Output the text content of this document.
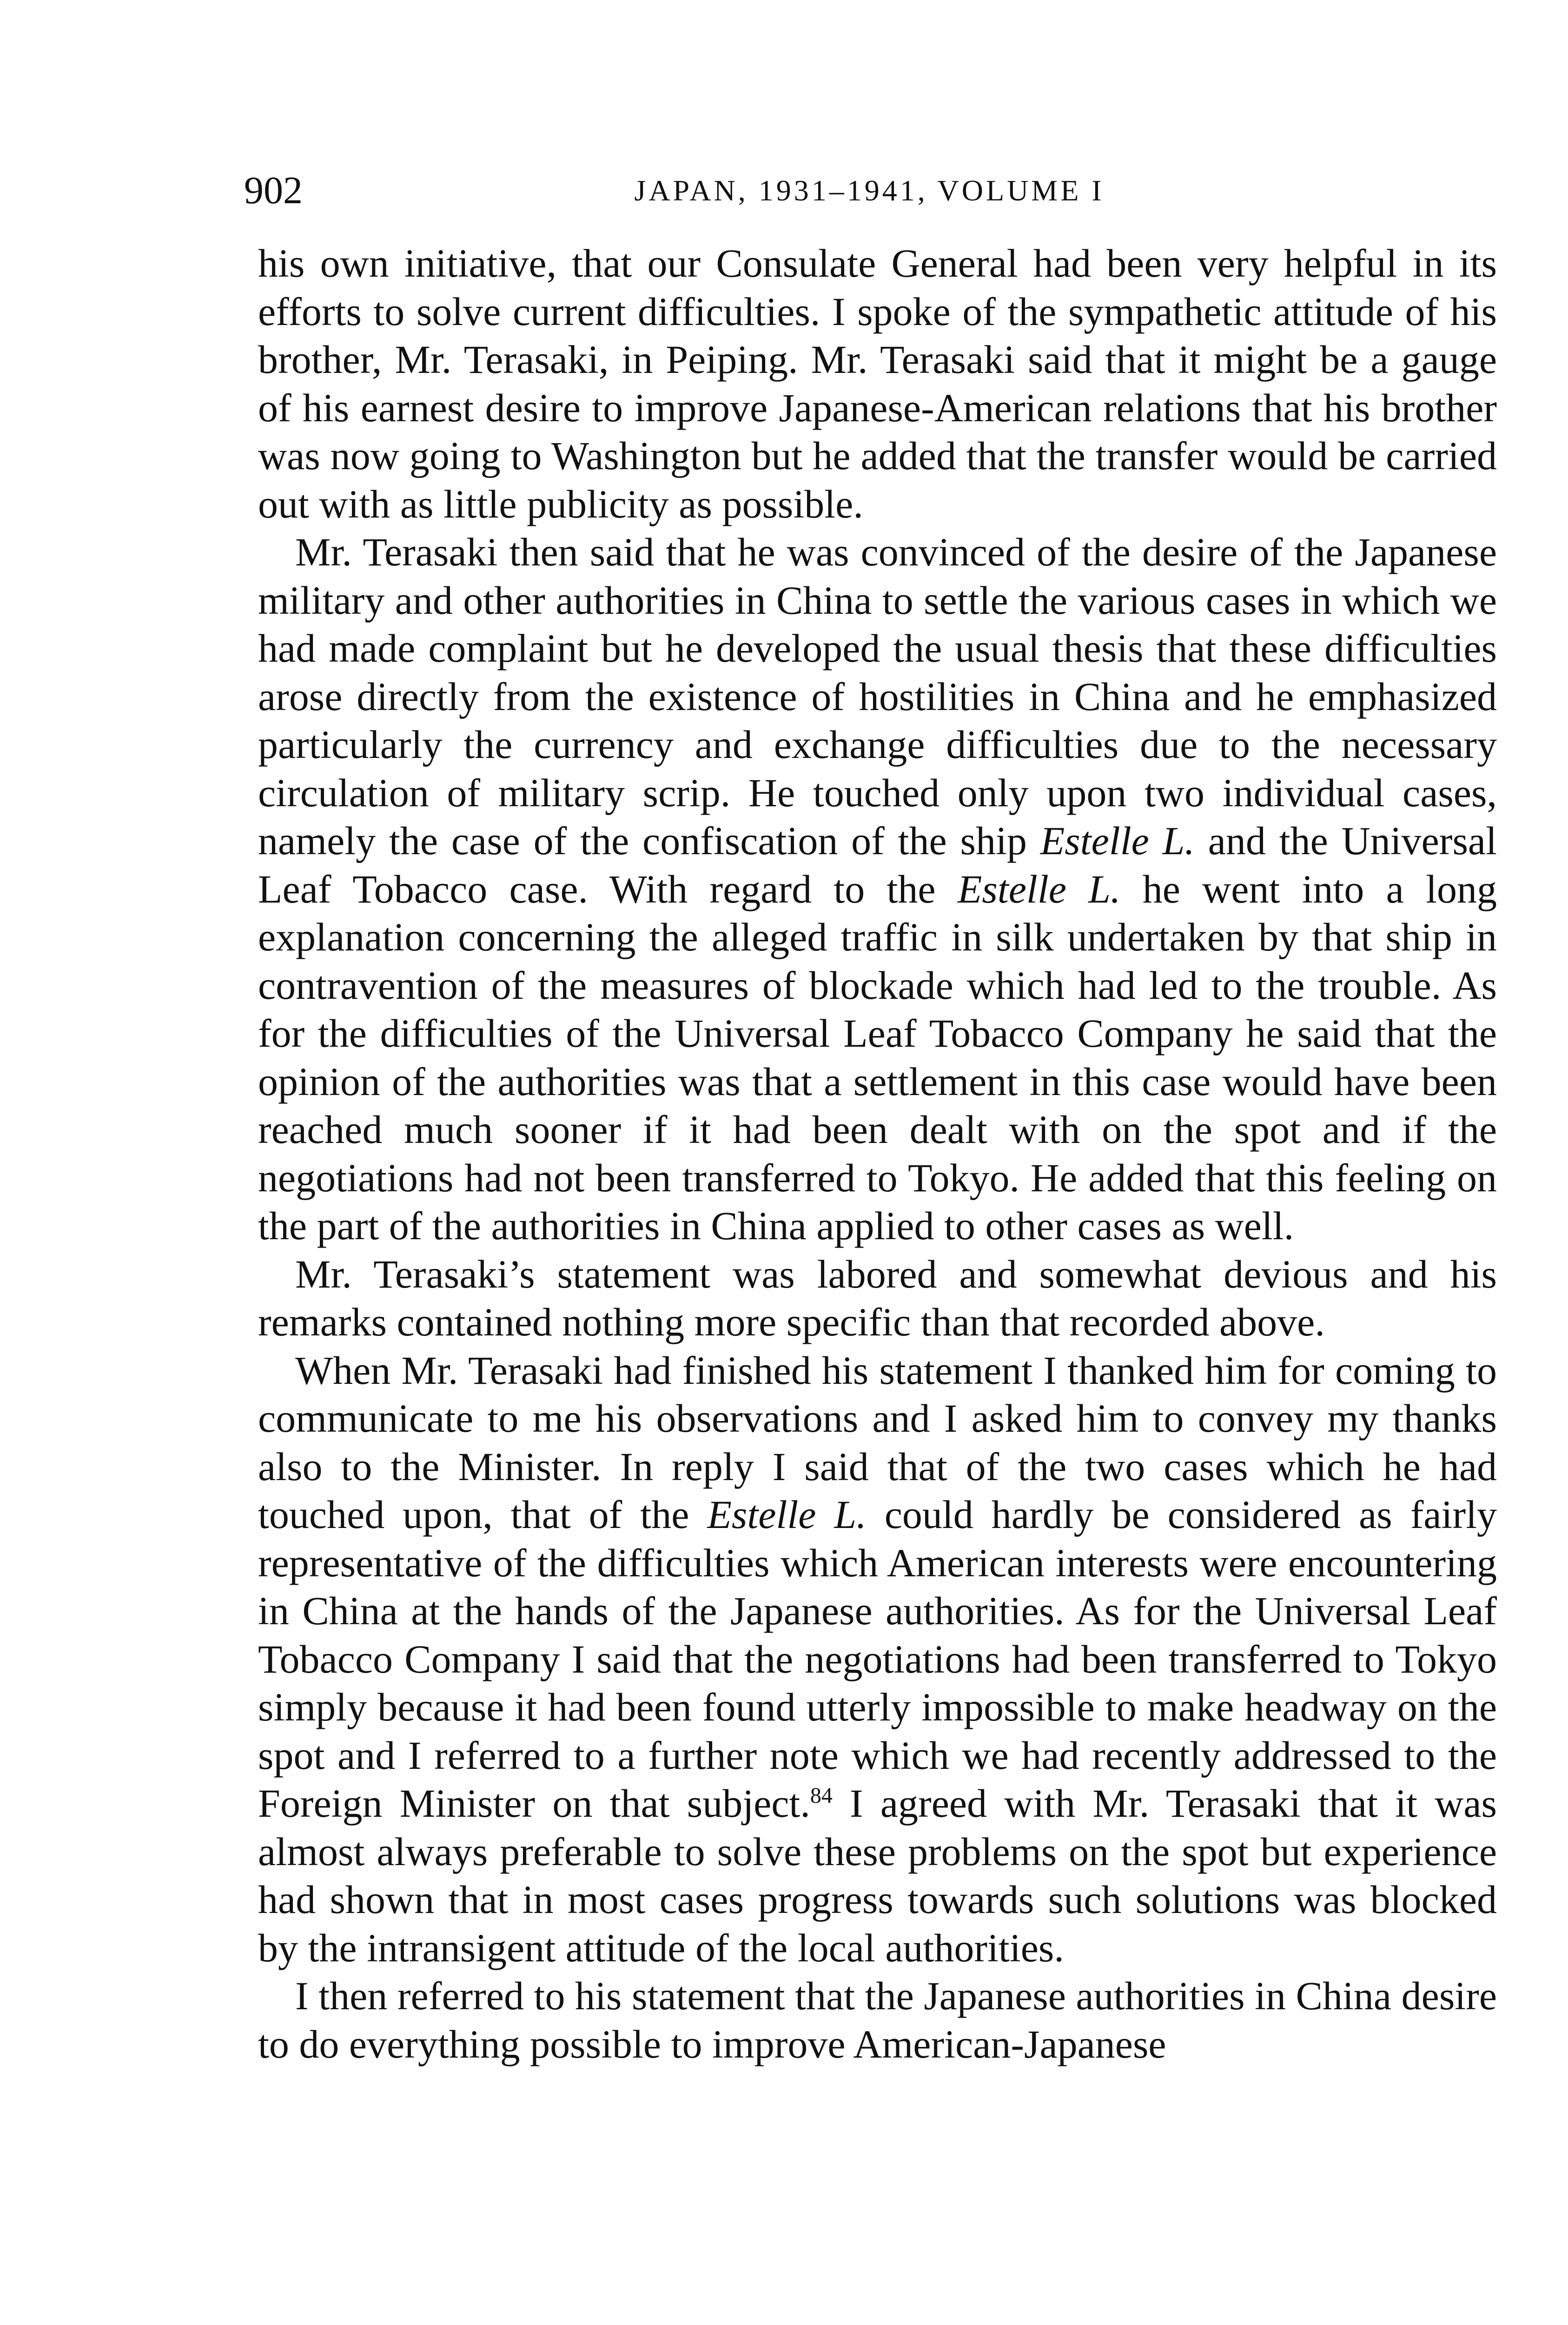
902	JAPAN, 1931–1941, VOLUME I

his own initiative, that our Consulate General had been very helpful in its efforts to solve current difficulties. I spoke of the sympathetic attitude of his brother, Mr. Terasaki, in Peiping. Mr. Terasaki said that it might be a gauge of his earnest desire to improve Japanese-American relations that his brother was now going to Washington but he added that the transfer would be carried out with as little publicity as possible.

Mr. Terasaki then said that he was convinced of the desire of the Japanese military and other authorities in China to settle the various cases in which we had made complaint but he developed the usual thesis that these difficulties arose directly from the existence of hostilities in China and he emphasized particularly the currency and exchange difficulties due to the necessary circulation of military scrip. He touched only upon two individual cases, namely the case of the confiscation of the ship Estelle L. and the Universal Leaf Tobacco case. With regard to the Estelle L. he went into a long explanation concerning the alleged traffic in silk undertaken by that ship in contravention of the measures of blockade which had led to the trouble. As for the difficulties of the Universal Leaf Tobacco Company he said that the opinion of the authorities was that a settlement in this case would have been reached much sooner if it had been dealt with on the spot and if the negotiations had not been transferred to Tokyo. He added that this feeling on the part of the authorities in China applied to other cases as well.

Mr. Terasaki’s statement was labored and somewhat devious and his remarks contained nothing more specific than that recorded above.

When Mr. Terasaki had finished his statement I thanked him for coming to communicate to me his observations and I asked him to convey my thanks also to the Minister. In reply I said that of the two cases which he had touched upon, that of the Estelle L. could hardly be considered as fairly representative of the difficulties which American interests were encountering in China at the hands of the Japanese authorities. As for the Universal Leaf Tobacco Company I said that the negotiations had been transferred to Tokyo simply because it had been found utterly impossible to make headway on the spot and I referred to a further note which we had recently addressed to the Foreign Minister on that subject.$^{84}$ I agreed with Mr. Terasaki that it was almost always preferable to solve these problems on the spot but experience had shown that in most cases progress towards such solutions was blocked by the intransigent attitude of the local authorities.

I then referred to his statement that the Japanese authorities in China desire to do everything possible to improve American-Japanese
